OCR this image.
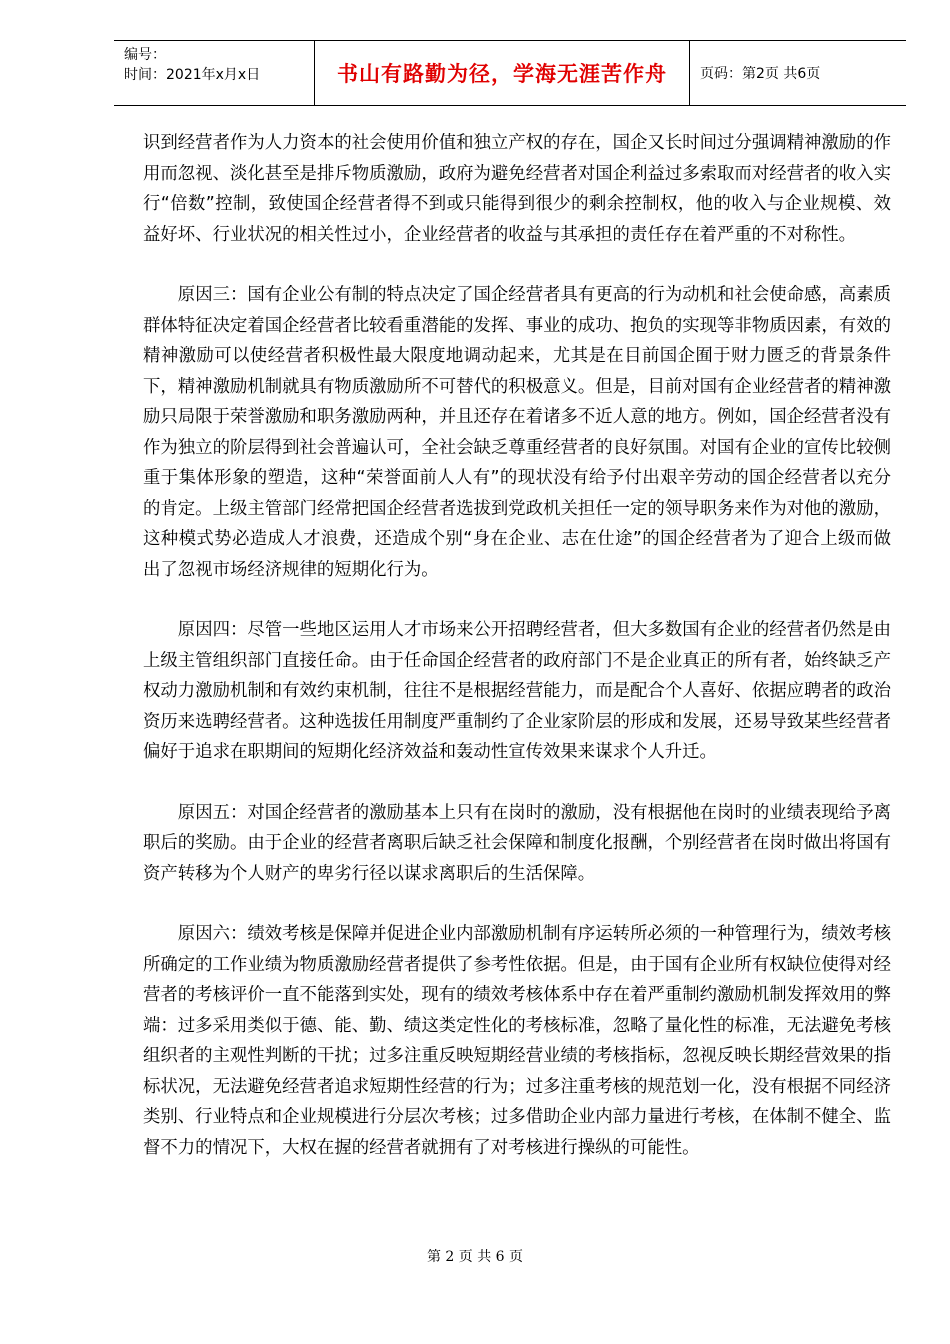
编号：
时间：2021年x月x日	书山有路勤为径，学海无涯苦作舟	页码：第2页 共6页

识到经营者作为人力资本的社会使用价值和独立产权的存在，国企又长时间过分强调精神激励的作用而忽视、淡化甚至是排斥物质激励，政府为避免经营者对国企利益过多索取而对经营者的收入实行“倍数”控制，致使国企经营者得不到或只能得到很少的剩余控制权，他的收入与企业规模、效益好坏、行业状况的相关性过小，企业经营者的收益与其承担的责任存在着严重的不对称性。

原因三：国有企业公有制的特点决定了国企经营者具有更高的行为动机和社会使命感，高素质群体特征决定着国企经营者比较看重潜能的发挥、事业的成功、抱负的实现等非物质因素，有效的精神激励可以使经营者积极性最大限度地调动起来，尤其是在目前国企囿于财力匮乏的背景条件下，精神激励机制就具有物质激励所不可替代的积极意义。但是，目前对国有企业经营者的精神激励只局限于荣誉激励和职务激励两种，并且还存在着诸多不近人意的地方。例如，国企经营者没有作为独立的阶层得到社会普遍认可，全社会缺乏尊重经营者的良好氛围。对国有企业的宣传比较侧重于集体形象的塑造，这种“荣誉面前人人有”的现状没有给予付出艰辛劳动的国企经营者以充分的肯定。上级主管部门经常把国企经营者选拔到党政机关担任一定的领导职务来作为对他的激励，这种模式势必造成人才浪费，还造成个别“身在企业、志在仕途”的国企经营者为了迎合上级而做出了忽视市场经济规律的短期化行为。

原因四：尽管一些地区运用人才市场来公开招聘经营者，但大多数国有企业的经营者仍然是由上级主管组织部门直接任命。由于任命国企经营者的政府部门不是企业真正的所有者，始终缺乏产权动力激励机制和有效约束机制，往往不是根据经营能力，而是配合个人喜好、依据应聘者的政治资历来选聘经营者。这种选拔任用制度严重制约了企业家阶层的形成和发展，还易导致某些经营者偏好于追求在职期间的短期化经济效益和轰动性宣传效果来谋求个人升迁。

原因五：对国企经营者的激励基本上只有在岗时的激励，没有根据他在岗时的业绩表现给予离职后的奖励。由于企业的经营者离职后缺乏社会保障和制度化报酬，个别经营者在岗时做出将国有资产转移为个人财产的卑劣行径以谋求离职后的生活保障。

原因六：绩效考核是保障并促进企业内部激励机制有序运转所必须的一种管理行为，绩效考核所确定的工作业绩为物质激励经营者提供了参考性依据。但是，由于国有企业所有权缺位使得对经营者的考核评价一直不能落到实处，现有的绩效考核体系中存在着严重制约激励机制发挥效用的弊端：过多采用类似于德、能、勤、绩这类定性化的考核标准，忽略了量化性的标准，无法避免考核组织者的主观性判断的干扰；过多注重反映短期经营业绩的考核指标，忽视反映长期经营效果的指标状况，无法避免经营者追求短期性经营的行为；过多注重考核的规范划一化，没有根据不同经济类别、行业特点和企业规模进行分层次考核；过多借助企业内部力量进行考核，在体制不健全、监督不力的情况下，大权在握的经营者就拥有了对考核进行操纵的可能性。

第 2 页 共 6 页
